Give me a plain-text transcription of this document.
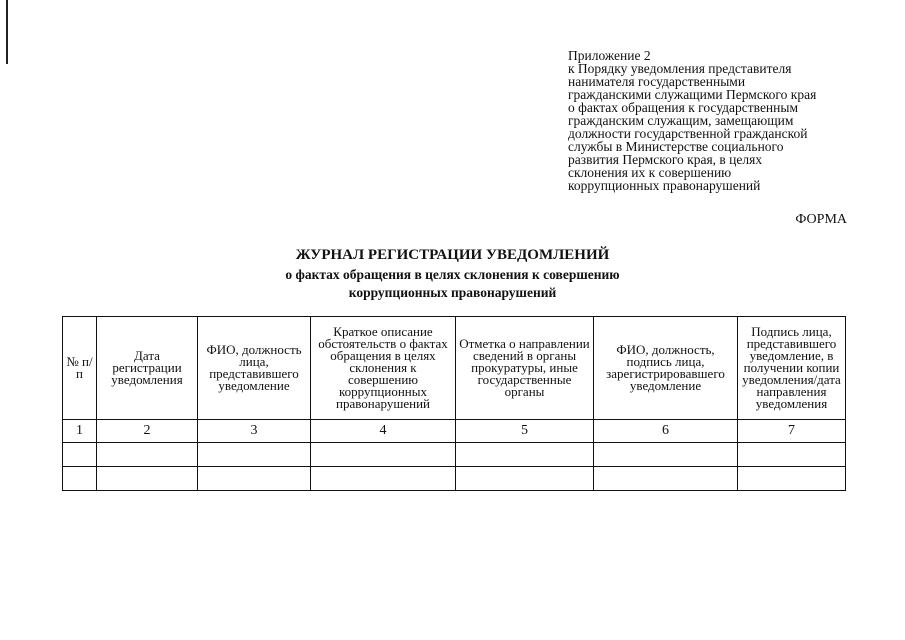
Приложение 2
к Порядку уведомления представителя
нанимателя государственными
гражданскими служащими Пермского края
о фактах обращения к государственным
гражданским служащим, замещающим
должности государственной гражданской
службы в Министерстве социального
развития Пермского края, в целях
склонения их к совершению
коррупционных правонарушений
ФОРМА
ЖУРНАЛ РЕГИСТРАЦИИ УВЕДОМЛЕНИЙ
о фактах обращения в целях склонения к совершению
коррупционных правонарушений
№ п/п	Дата регистрации уведомления	ФИО, должность лица, представившего уведомление	Краткое описание обстоятельств о фактах обращения в целях склонения к совершению коррупционных правонарушений	Отметка о направлении сведений в органы прокуратуры, иные государственные органы	ФИО, должность, подпись лица, зарегистрировавшего уведомление	Подпись лица, представившего уведомление, в получении копии уведомления/дата направления уведомления
1	2	3	4	5	6	7
